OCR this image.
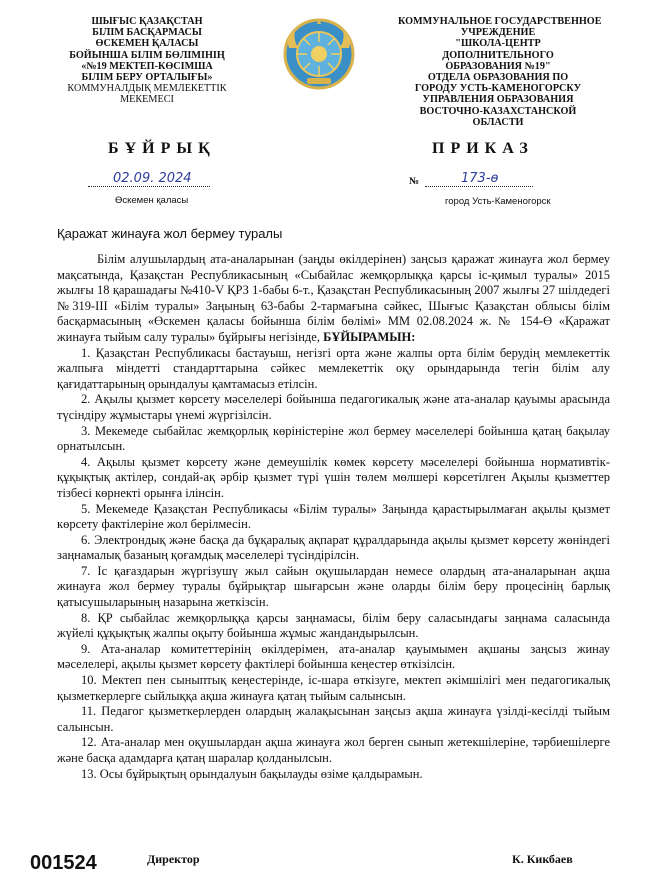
ШЫҒЫС ҚАЗАҚСТАН
БІЛІМ БАСҚАРМАСЫ
ӨСКЕМЕН ҚАЛАСЫ
БОЙЫНША БІЛІМ БӨЛІМІНІҢ
«№19 МЕКТЕП-КӨСІМША
БІЛІМ БЕРУ ОРТАЛЫҒЫ»
КОММУНАЛДЫҚ МЕМЛЕКЕТТІК
МЕКЕМЕСІ
КОММУНАЛЬНОЕ ГОСУДАРСТВЕННОЕ
УЧРЕЖДЕНИЕ
"ШКОЛА-ЦЕНТР
ДОПОЛНИТЕЛЬНОГО
ОБРАЗОВАНИЯ №19"
ОТДЕЛА ОБРАЗОВАНИЯ ПО
ГОРОДУ УСТЬ-КАМЕНОГОРСКУ
УПРАВЛЕНИЯ ОБРАЗОВАНИЯ
ВОСТОЧНО-КАЗАХСТАНСКОЙ
ОБЛАСТИ
БҰЙРЫҚ	ПРИКАЗ
02.09. 2024	№	173-ө
Өскемен қаласы	город Усть-Каменогорск
Қаражат жинауға жол бермеу туралы

Білім алушылардың ата-аналарынан (заңды өкілдерінен) заңсыз қаражат жинауға жол бермеу мақсатында, Қазақстан Республикасының «Сыбайлас жемқорлыққа қарсы іс-қимыл туралы» 2015 жылғы 18 қарашадағы №410-V ҚРЗ 1-бабы 6-т., Қазақстан Республикасының 2007 жылғы 27 шілдедегі №319-ІІІ «Білім туралы» Заңының 63-бабы 2-тармағына сәйкес, Шығыс Қазақстан облысы білім басқармасының «Өскемен қаласы бойынша білім бөлімі» ММ 02.08.2024 ж. № 154-Ө «Қаражат жинауға тыйым салу туралы» бұйрығы негізінде, БҰЙЫРАМЫН:

1. Қазақстан Республикасы бастауыш, негізгі орта және жалпы орта білім берудің мемлекеттік жалпыға міндетті стандарттарына сәйкес мемлекеттік оқу орындарында тегін білім алу қағидаттарының орындалуы қамтамасыз етілсін.

2. Ақылы қызмет көрсету мәселелері бойынша педагогикалық және ата-аналар қауымы арасында түсіндіру жұмыстары үнемі жүргізілсін.

3. Мекемеде сыбайлас жемқорлық көріністеріне жол бермеу мәселелері бойынша қатаң бақылау орнатылсын.

4. Ақылы қызмет көрсету және демеушілік көмек көрсету мәселелері бойынша нормативтік-құқықтық актілер, сондай-ақ әрбір қызмет түрі үшін төлем мөлшері көрсетілген Ақылы қызметтер тізбесі көрнекті орынға ілінсін.

5. Мекемеде Қазақстан Республикасы «Білім туралы» Заңында қарастырылмаған ақылы қызмет көрсету фактілеріне жол берілмесін.

6. Электрондық және басқа да бұқаралық ақпарат құралдарында ақылы қызмет көрсету жөніндегі заңнамалық базаның қоғамдық мәселелері түсіндірілсін.

7. Іс қағаздарын жүргізушү жыл сайын оқушылардан немесе олардың ата-аналарынан ақша жинауға жол бермеу туралы бұйрықтар шығарсын және оларды білім беру процесінің барлық қатысушыларының назарына жеткізсін.

8. ҚР сыбайлас жемқорлыққа қарсы заңнамасы, білім беру саласындағы заңнама саласында жүйелі құқықтық жалпы оқыту бойынша жұмыс жандандырылсын.

9. Ата-аналар комитеттерінің өкілдерімен, ата-аналар қауымымен ақшаны заңсыз жинау мәселелері, ақылы қызмет көрсету фактілері бойынша кеңестер өткізілсін.

10. Мектеп пен сыныптық кеңестерінде, іс-шара өткізуге, мектеп әкімшілігі мен педагогикалық қызметкерлерге сыйлыққа ақша жинауға қатаң тыйым салынсын.

11. Педагог қызметкерлерден олардың жалақысынан заңсыз ақша жинауға үзілді-кесілді тыйым салынсын.

12. Ата-аналар мен оқушылардан ақша жинауға жол берген сынып жетекшілеріне, тәрбиешілерге және басқа адамдарға қатаң шаралар қолданылсын.

13. Осы бұйрықтың орындалуын бақылауды өзіме қалдырамын.

001524	Директор	К. Кикбаев
